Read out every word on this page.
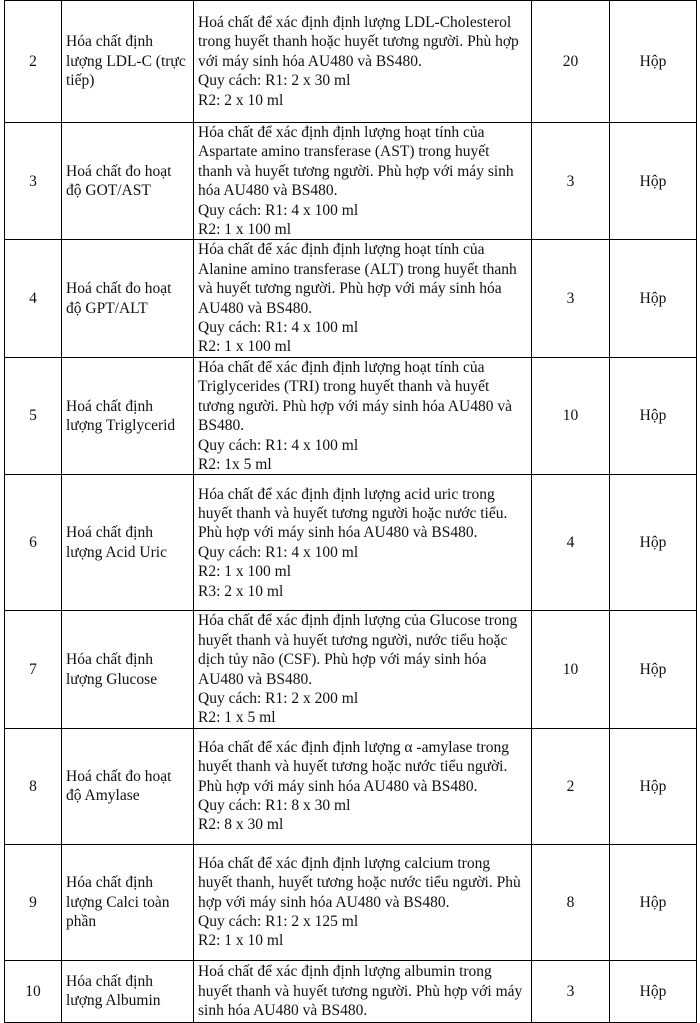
2	Hóa chất định lượng LDL-C (trực tiếp)	Hoá chất để xác định định lượng LDL-Cholesterol trong huyết thanh hoặc huyết tương người. Phù hợp với máy sinh hóa AU480 và BS480.
Quy cách: R1: 2 x 30 ml
R2: 2 x 10 ml	20	Hộp
3	Hoá chất đo hoạt độ GOT/AST	Hóa chất để xác định định lượng hoạt tính của Aspartate amino transferase (AST) trong huyết thanh và huyết tương người. Phù hợp với máy sinh hóa AU480 và BS480.
Quy cách: R1: 4 x 100 ml
R2: 1 x 100 ml	3	Hộp
4	Hoá chất đo hoạt độ GPT/ALT	Hóa chất để xác định định lượng hoạt tính của Alanine amino transferase (ALT) trong huyết thanh và huyết tương người. Phù hợp với máy sinh hóa AU480 và BS480.
Quy cách: R1: 4 x 100 ml
R2: 1 x 100 ml	3	Hộp
5	Hoá chất định lượng Triglycerid	Hóa chất để xác định định lượng hoạt tính của Triglycerides (TRI) trong huyết thanh và huyết tương người. Phù hợp với máy sinh hóa AU480 và BS480.
Quy cách: R1: 4 x 100 ml
R2: 1x 5 ml	10	Hộp
6	Hoá chất định lượng Acid Uric	Hóa chất để xác định định lượng acid uric trong huyết thanh và huyết tương người hoặc nước tiểu. Phù hợp với máy sinh hóa AU480 và BS480.
Quy cách: R1: 4 x 100 ml
R2: 1 x 100 ml
R3: 2 x 10 ml	4	Hộp
7	Hóa chất định lượng Glucose	Hóa chất để xác định định lượng của Glucose trong huyết thanh và huyết tương người, nước tiểu hoặc dịch tủy não (CSF). Phù hợp với máy sinh hóa AU480 và BS480.
Quy cách: R1: 2 x 200 ml
R2: 1 x 5 ml	10	Hộp
8	Hoá chất đo hoạt độ Amylase	Hóa chất để xác định định lượng α -amylase trong huyết thanh và huyết tương hoặc nước tiểu người. Phù hợp với máy sinh hóa AU480 và BS480.
Quy cách: R1: 8 x 30 ml
R2: 8 x 30 ml	2	Hộp
9	Hóa chất định lượng Calci toàn phần	Hóa chất để xác định định lượng calcium trong huyết thanh, huyết tương hoặc nước tiểu người. Phù hợp với máy sinh hóa AU480 và BS480.
Quy cách: R1: 2 x 125 ml
R2: 1 x 10 ml	8	Hộp
10	Hóa chất định lượng Albumin	Hoá chất để xác định định lượng albumin trong huyết thanh và huyết tương người. Phù hợp với máy sinh hóa AU480 và BS480.	3	Hộp
